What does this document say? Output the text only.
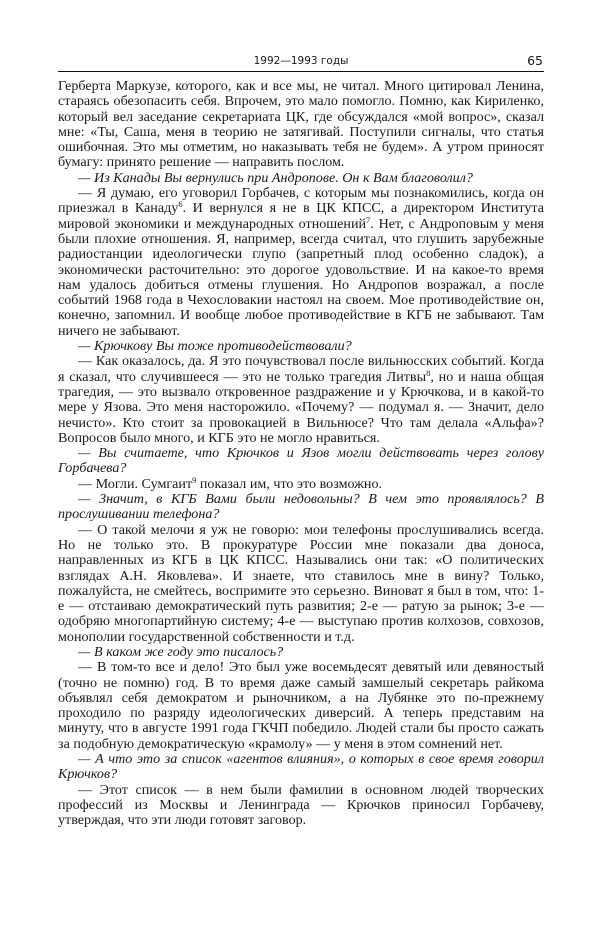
1992—1993 годы	65

Герберта Маркузе, которого, как и все мы, не читал. Много цитировал Ленина, стараясь обезопасить себя. Впрочем, это мало помогло. Помню, как Кириленко, который вел заседание секретариата ЦК, где обсуждался «мой вопрос», сказал мне: «Ты, Саша, меня в теорию не затягивай. Поступили сигналы, что статья ошибочная. Это мы отметим, но наказывать тебя не будем». А утром приносят бумагу: принято решение — направить послом.

— Из Канады Вы вернулись при Андропове. Он к Вам благоволил?

— Я думаю, его уговорил Горбачев, с которым мы познакомились, когда он приезжал в Канаду$^6$. И вернулся я не в ЦК КПСС, а директором Института мировой экономики и международных отношений$^7$. Нет, с Андроповым у меня были плохие отношения. Я, например, всегда считал, что глушить зарубежные радиостанции идеологически глупо (запретный плод особенно сладок), а экономически расточительно: это дорогое удовольствие. И на какое-то время нам удалось добиться отмены глушения. Но Андропов возражал, а после событий 1968 года в Чехословакии настоял на своем. Мое противодействие он, конечно, запомнил. И вообще любое противодействие в КГБ не забывают. Там ничего не забывают.

— Крючкову Вы тоже противодействовали?

— Как оказалось, да. Я это почувствовал после вильнюсских событий. Когда я сказал, что случившееся — это не только трагедия Литвы$^8$, но и наша общая трагедия, — это вызвало откровенное раздражение и у Крючкова, и в какой-то мере у Язова. Это меня насторожило. «Почему? — подумал я. — Значит, дело нечисто». Кто стоит за провокацией в Вильнюсе? Что там делала «Альфа»? Вопросов было много, и КГБ это не могло нравиться.

— Вы считаете, что Крючков и Язов могли действовать через голову Горбачева?

— Могли. Сумгаит$^9$ показал им, что это возможно.

— Значит, в КГБ Вами были недовольны? В чем это проявлялось? В прослушивании телефона?

— О такой мелочи я уж не говорю: мои телефоны прослушивались всегда. Но не только это. В прокуратуре России мне показали два доноса, направленных из КГБ в ЦК КПСС. Назывались они так: «О политических взглядах А.Н. Яковлева». И знаете, что ставилось мне в вину? Только, пожалуйста, не смейтесь, воспримите это серьезно. Виноват я был в том, что: 1-е — отстаиваю демократический путь развития; 2-е — ратую за рынок; 3-е — одобряю многопартийную систему; 4-е — выступаю против колхозов, совхозов, монополии государственной собственности и т.д.

— В каком же году это писалось?

— В том-то все и дело! Это был уже восемьдесят девятый или девяностый (точно не помню) год. В то время даже самый замшелый секретарь райкома объявлял себя демократом и рыночником, а на Лубянке это по-прежнему проходило по разряду идеологических диверсий. А теперь представим на минуту, что в августе 1991 года ГКЧП победило. Людей стали бы просто сажать за подобную демократическую «крамолу» — у меня в этом сомнений нет.

— А что это за список «агентов влияния», о которых в свое время говорил Крючков?

— Этот список — в нем были фамилии в основном людей творческих профессий из Москвы и Ленинграда — Крючков приносил Горбачеву, утверждая, что эти люди готовят заговор.
